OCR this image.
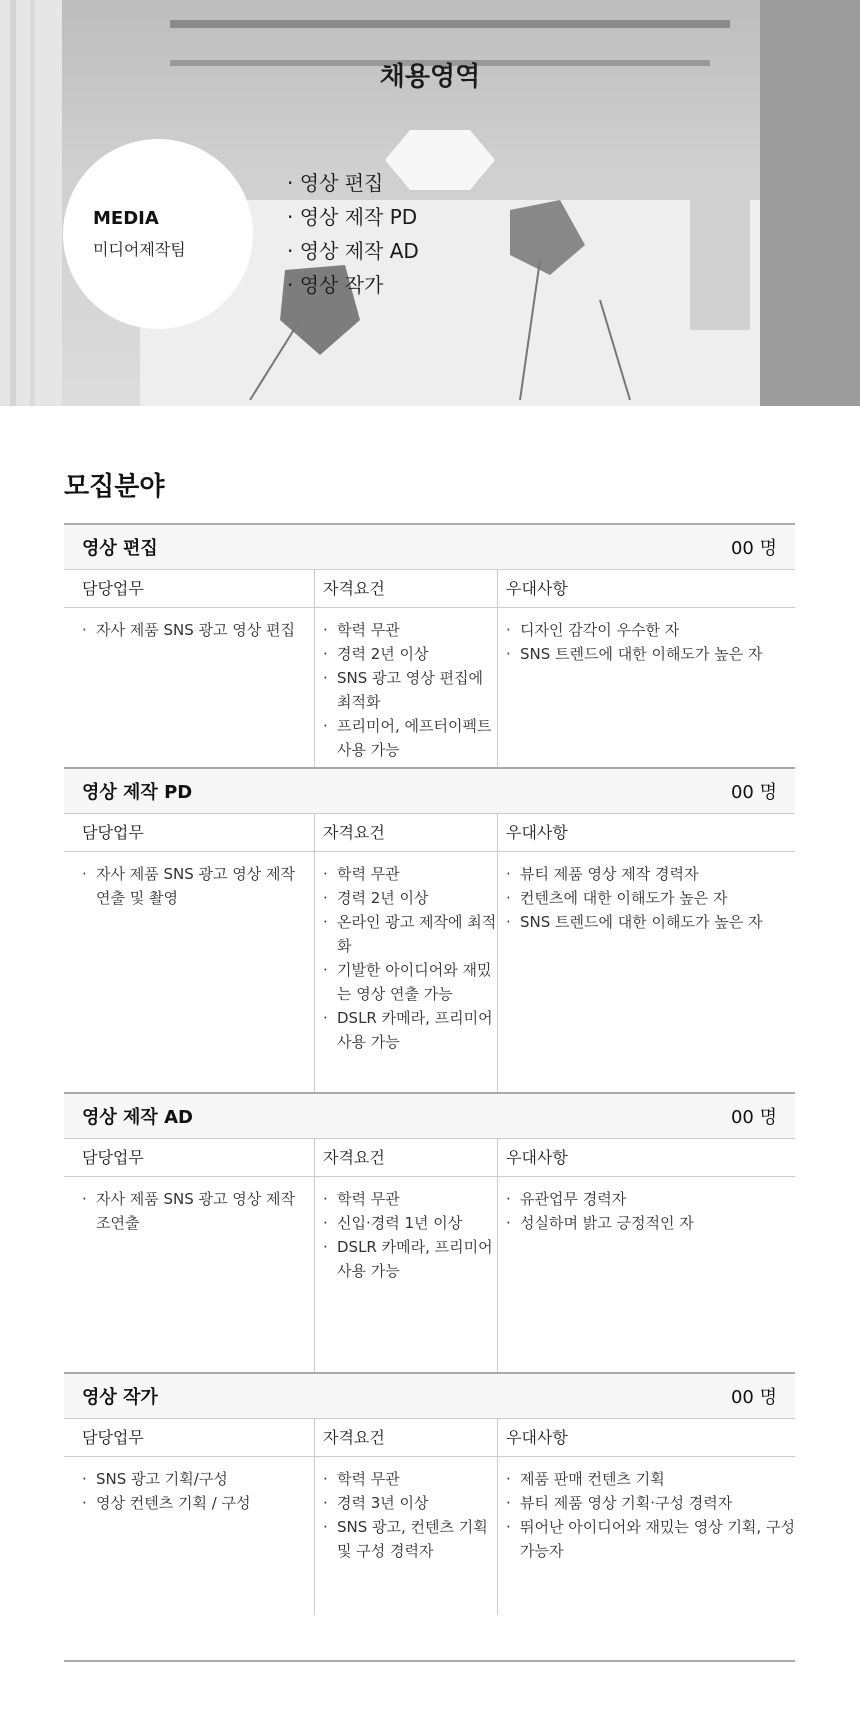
채용영역
MEDIA
미디어제작팀
· 영상 편집
· 영상 제작 PD
· 영상 제작 AD
· 영상 작가
모집분야
영상 편집	00 명
담당업무
· 자사 제품 SNS 광고 영상 편집
자격요건
· 학력 무관
· 경력 2년 이상
· SNS 광고 영상 편집에 최적화
· 프리미어, 에프터이펙트 사용 가능
우대사항
· 디자인 감각이 우수한 자
· SNS 트렌드에 대한 이해도가 높은 자
영상 제작 PD	00 명
담당업무
· 자사 제품 SNS 광고 영상 제작 연출 및 촬영
자격요건
· 학력 무관
· 경력 2년 이상
· 온라인 광고 제작에 최적화
· 기발한 아이디어와 재밌는 영상 연출 가능
· DSLR 카메라, 프리미어 사용 가능
우대사항
· 뷰티 제품 영상 제작 경력자
· 컨텐츠에 대한 이해도가 높은 자
· SNS 트렌드에 대한 이해도가 높은 자
영상 제작 AD	00 명
담당업무
· 자사 제품 SNS 광고 영상 제작 조연출
자격요건
· 학력 무관
· 신입·경력 1년 이상
· DSLR 카메라, 프리미어 사용 가능
우대사항
· 유관업무 경력자
· 성실하며 밝고 긍정적인 자
영상 작가	00 명
담당업무
· SNS 광고 기획/구성
· 영상 컨텐츠 기획 / 구성
자격요건
· 학력 무관
· 경력 3년 이상
· SNS 광고, 컨텐츠 기획 및 구성 경력자
우대사항
· 제품 판매 컨텐츠 기획
· 뷰티 제품 영상 기획·구성 경력자
· 뛰어난 아이디어와 재밌는 영상 기획, 구성 가능자
